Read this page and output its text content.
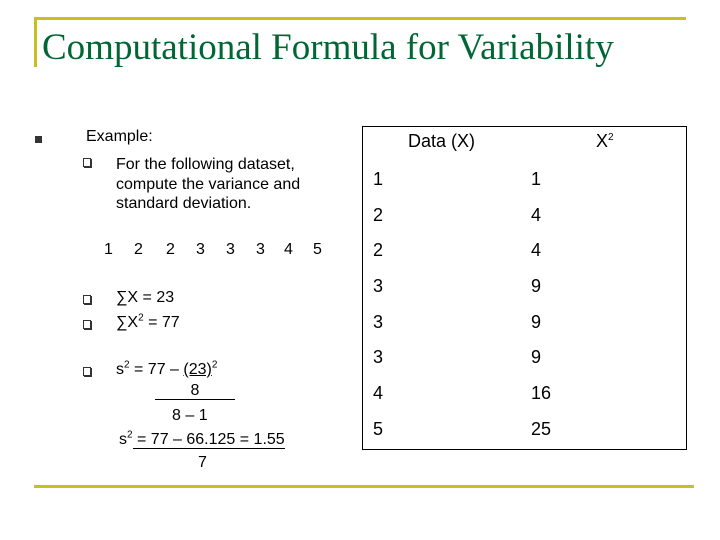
Computational Formula for Variability
Example:
For the following dataset,
compute the variance and
standard deviation.
1 2 2 3 3 3 4 5
∑X = 23
$\sum X^2 = 77$
$s^2 = 77 - (23)^2$
8
8 – 1
$s^2 = 77 - 66.125 = 1.55$
7
Data (X)	$X^2$
1	1
2	4
2	4
3	9
3	9
3	9
4	16
5	25
